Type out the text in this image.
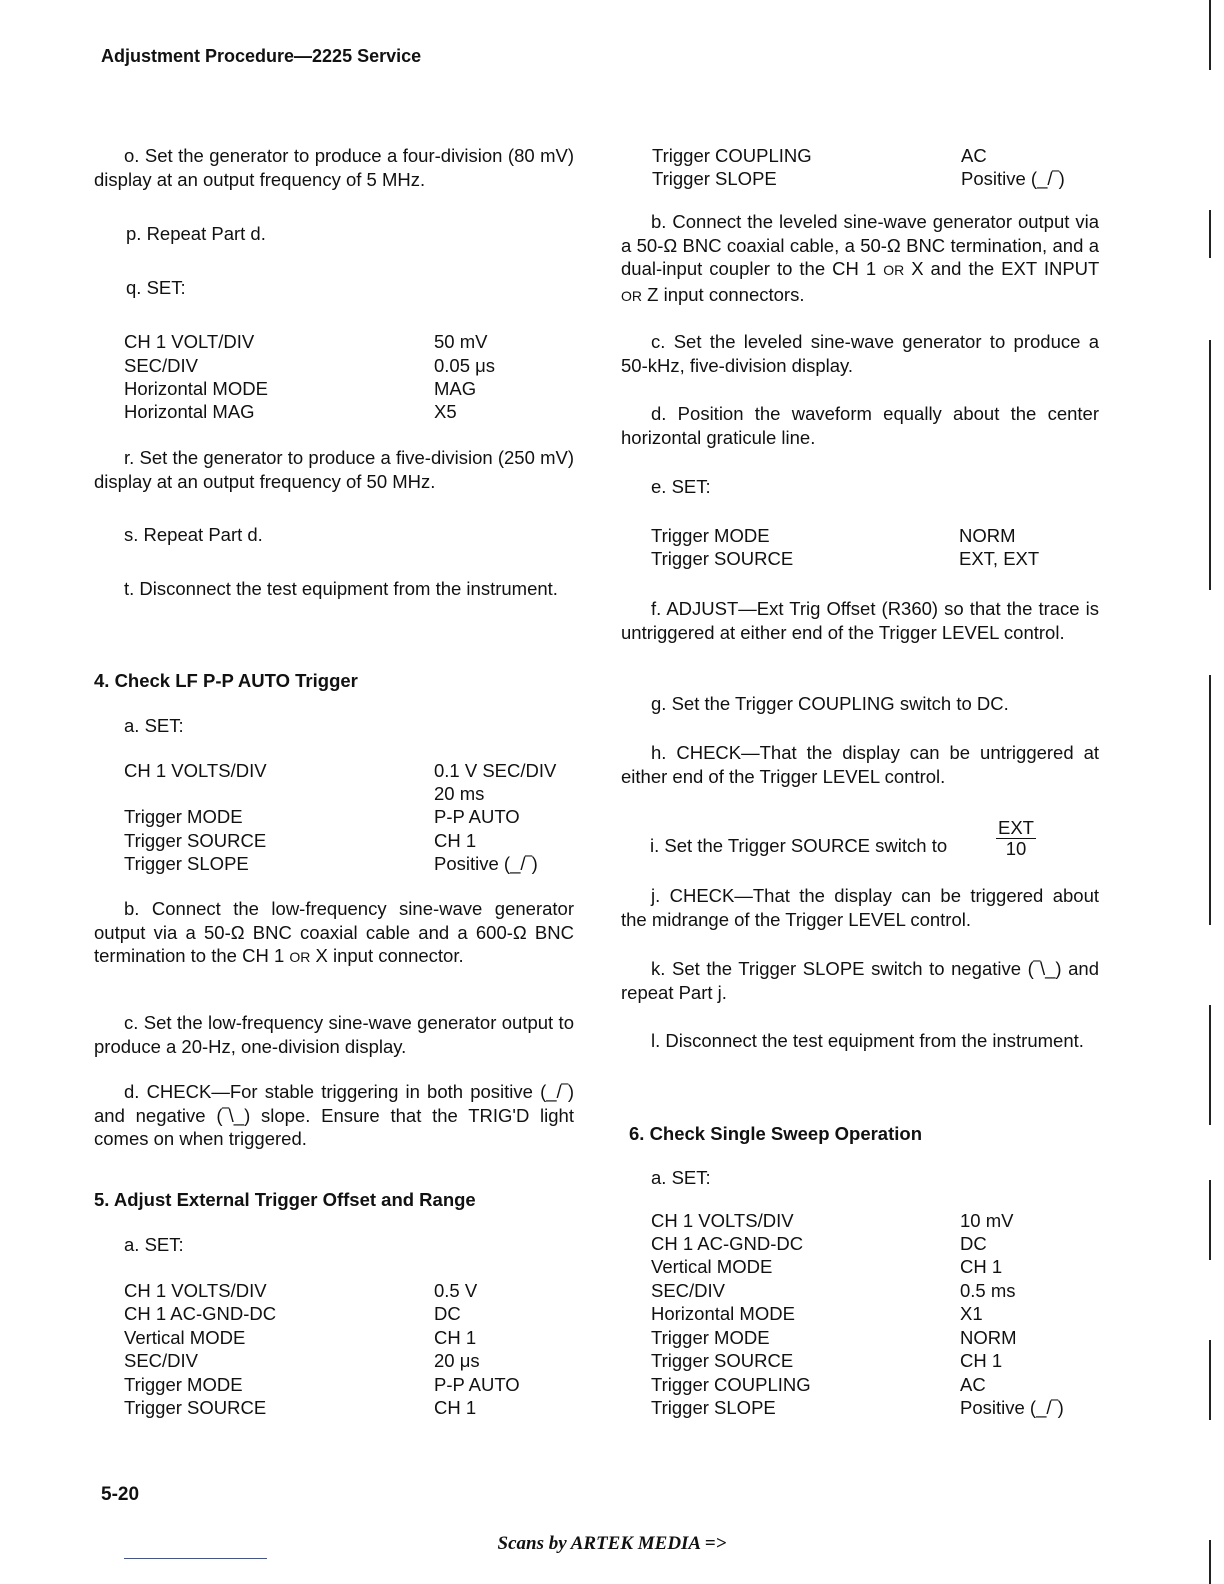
Adjustment Procedure—2225 Service
o. Set the generator to produce a four-division (80 mV) display at an output frequency of 5 MHz.
p. Repeat Part d.
q. SET:
CH 1 VOLT/DIV	50 mV
SEC/DIV	0.05 μs
Horizontal MODE	MAG
Horizontal MAG	X5
r. Set the generator to produce a five-division (250 mV) display at an output frequency of 50 MHz.
s. Repeat Part d.
t. Disconnect the test equipment from the instrument.
4. Check LF P-P AUTO Trigger
a. SET:
CH 1 VOLTS/DIV	0.1 V SEC/DIV
20 ms
Trigger MODE	P-P AUTO
Trigger SOURCE	CH 1
Trigger SLOPE	Positive (_/‾)
b. Connect the low-frequency sine-wave generator output via a 50-Ω BNC coaxial cable and a 600-Ω BNC termination to the CH 1 OR X input connector.
c. Set the low-frequency sine-wave generator output to produce a 20-Hz, one-division display.
d. CHECK—For stable triggering in both positive (_/‾) and negative (‾\_) slope. Ensure that the TRIG'D light comes on when triggered.
5. Adjust External Trigger Offset and Range
a. SET:
CH 1 VOLTS/DIV	0.5 V
CH 1 AC-GND-DC	DC
Vertical MODE	CH 1
SEC/DIV	20 μs
Trigger MODE	P-P AUTO
Trigger SOURCE	CH 1
Trigger COUPLING	AC
Trigger SLOPE	Positive (_/‾)
b. Connect the leveled sine-wave generator output via a 50-Ω BNC coaxial cable, a 50-Ω BNC termination, and a dual-input coupler to the CH 1 OR X and the EXT INPUT OR Z input connectors.
c. Set the leveled sine-wave generator to produce a 50-kHz, five-division display.
d. Position the waveform equally about the center horizontal graticule line.
e. SET:
Trigger MODE	NORM
Trigger SOURCE	EXT, EXT
f. ADJUST—Ext Trig Offset (R360) so that the trace is untriggered at either end of the Trigger LEVEL control.
g. Set the Trigger COUPLING switch to DC.
h. CHECK—That the display can be untriggered at either end of the Trigger LEVEL control.
i. Set the Trigger SOURCE switch to
EXT
10
j. CHECK—That the display can be triggered about the midrange of the Trigger LEVEL control.
k. Set the Trigger SLOPE switch to negative (‾\_) and repeat Part j.
l. Disconnect the test equipment from the instrument.
6. Check Single Sweep Operation
a. SET:
CH 1 VOLTS/DIV	10 mV
CH 1 AC-GND-DC	DC
Vertical MODE	CH 1
SEC/DIV	0.5 ms
Horizontal MODE	X1
Trigger MODE	NORM
Trigger SOURCE	CH 1
Trigger COUPLING	AC
Trigger SLOPE	Positive (_/‾)
5-20
Scans by ARTEK MEDIA =>
